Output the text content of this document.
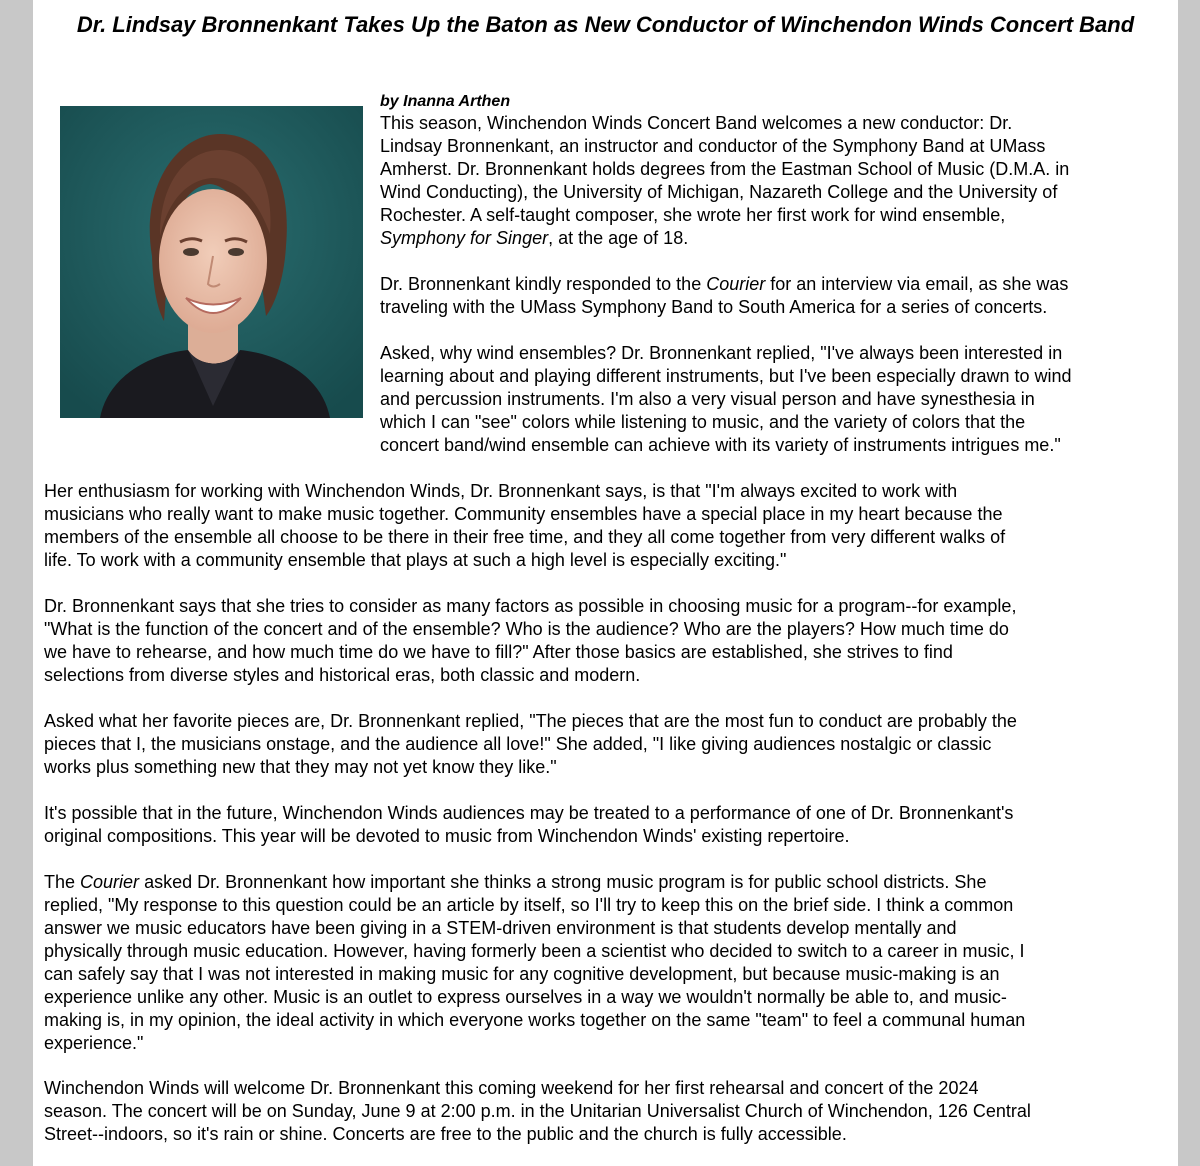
Dr. Lindsay Bronnenkant Takes Up the Baton as New Conductor of Winchendon Winds Concert Band
by Inanna Arthen

This season, Winchendon Winds Concert Band welcomes a new conductor: Dr.
Lindsay Bronnenkant, an instructor and conductor of the Symphony Band at UMass
Amherst. Dr. Bronnenkant holds degrees from the Eastman School of Music (D.M.A. in
Wind Conducting), the University of Michigan, Nazareth College and the University of
Rochester. A self-taught composer, she wrote her first work for wind ensemble,
Symphony for Singer, at the age of 18.

Dr. Bronnenkant kindly responded to the Courier for an interview via email, as she was
traveling with the UMass Symphony Band to South America for a series of concerts.

Asked, why wind ensembles? Dr. Bronnenkant replied, "I've always been interested in
learning about and playing different instruments, but I've been especially drawn to wind
and percussion instruments. I'm also a very visual person and have synesthesia in
which I can "see" colors while listening to music, and the variety of colors that the
concert band/wind ensemble can achieve with its variety of instruments intrigues me."

Her enthusiasm for working with Winchendon Winds, Dr. Bronnenkant says, is that "I'm always excited to work with
musicians who really want to make music together. Community ensembles have a special place in my heart because the
members of the ensemble all choose to be there in their free time, and they all come together from very different walks of
life. To work with a community ensemble that plays at such a high level is especially exciting."

Dr. Bronnenkant says that she tries to consider as many factors as possible in choosing music for a program--for example,
"What is the function of the concert and of the ensemble? Who is the audience? Who are the players? How much time do
we have to rehearse, and how much time do we have to fill?" After those basics are established, she strives to find
selections from diverse styles and historical eras, both classic and modern.

Asked what her favorite pieces are, Dr. Bronnenkant replied, "The pieces that are the most fun to conduct are probably the
pieces that I, the musicians onstage, and the audience all love!" She added, "I like giving audiences nostalgic or classic
works plus something new that they may not yet know they like."

It's possible that in the future, Winchendon Winds audiences may be treated to a performance of one of Dr. Bronnenkant's
original compositions. This year will be devoted to music from Winchendon Winds' existing repertoire.

The Courier asked Dr. Bronnenkant how important she thinks a strong music program is for public school districts. She
replied, "My response to this question could be an article by itself, so I'll try to keep this on the brief side. I think a common
answer we music educators have been giving in a STEM-driven environment is that students develop mentally and
physically through music education. However, having formerly been a scientist who decided to switch to a career in music, I
can safely say that I was not interested in making music for any cognitive development, but because music-making is an
experience unlike any other. Music is an outlet to express ourselves in a way we wouldn't normally be able to, and music-
making is, in my opinion, the ideal activity in which everyone works together on the same "team" to feel a communal human
experience."

Winchendon Winds will welcome Dr. Bronnenkant this coming weekend for her first rehearsal and concert of the 2024
season. The concert will be on Sunday, June 9 at 2:00 p.m. in the Unitarian Universalist Church of Winchendon, 126 Central
Street--indoors, so it's rain or shine. Concerts are free to the public and the church is fully accessible.
